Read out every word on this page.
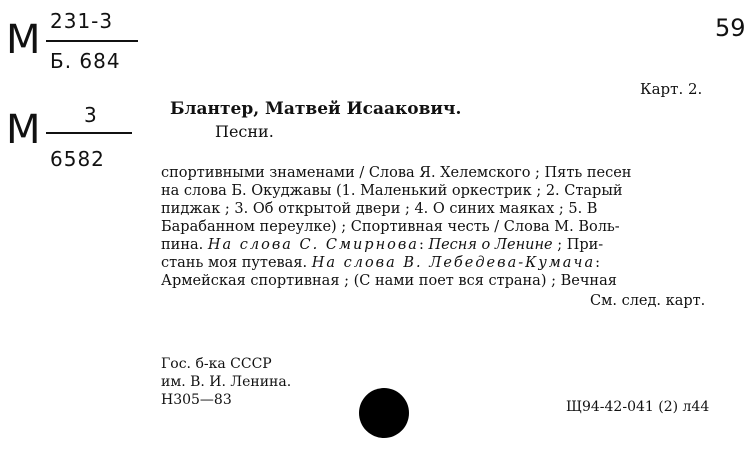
59
М 231-3
Б. 684
М 3
6582
Карт. 2.
Блантер, Матвей Исаакович.
Песни.
спортивными знаменами / Слова Я. Хелемского ; Пять песен
на слова Б. Окуджавы (1. Маленький оркестрик ; 2. Старый
пиджак ; 3. Об открытой двери ; 4. О синих маяках ; 5. В
Барабанном переулке) ; Спортивная честь / Слова М. Воль-
пина. На слова С. Смирнова: Песня о Ленине ; При-
стань моя путевая. На слова В. Лебедева-Кумача:
Армейская спортивная ; (С нами поет вся страна) ; Вечная
См. след. карт.
Гос. б-ка СССР
им. В. И. Ленина.
Н305—83	Щ94-42-041 (2) л44
